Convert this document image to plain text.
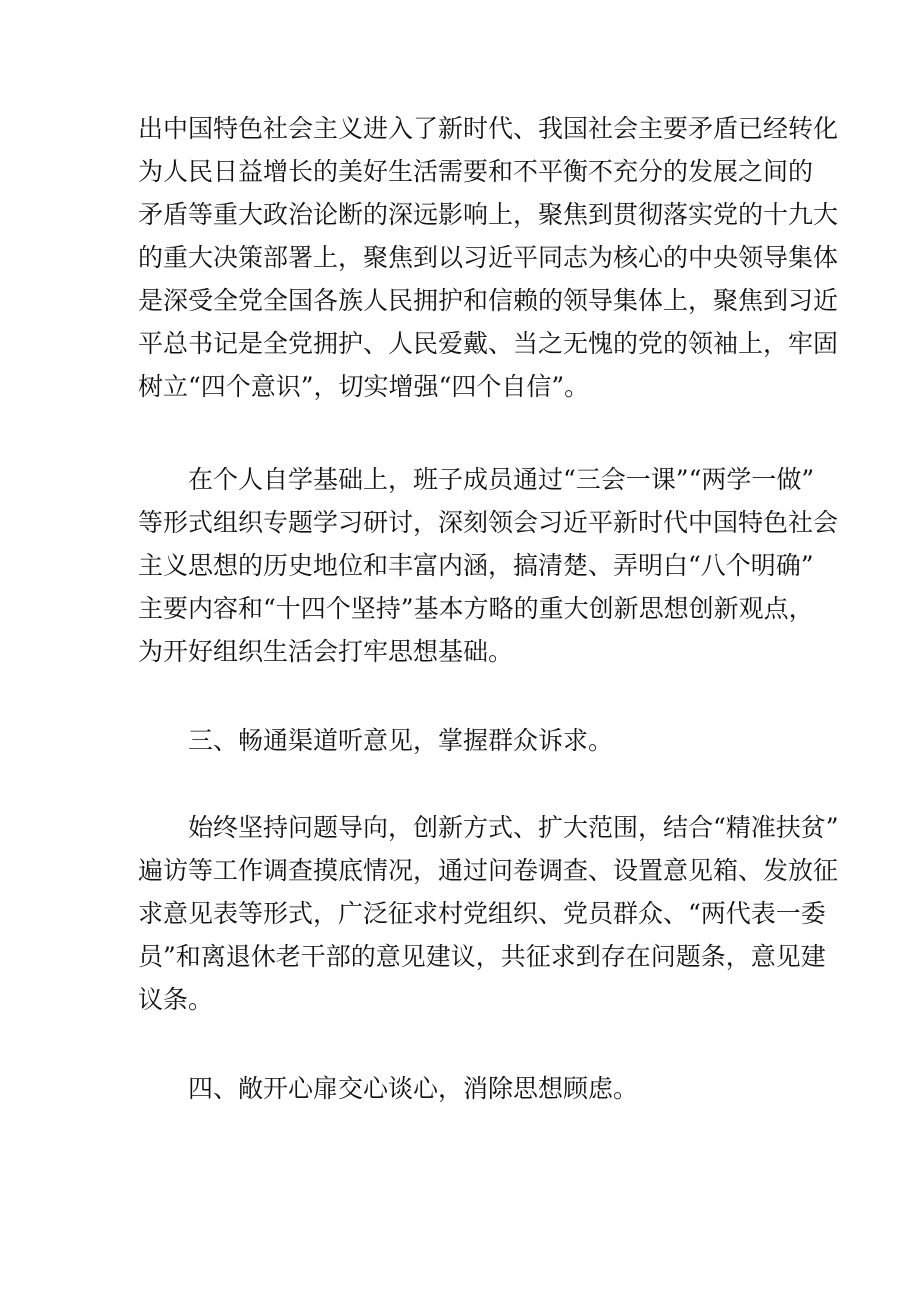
出中国特色社会主义进入了新时代、我国社会主要矛盾已经转化
为人民日益增长的美好生活需要和不平衡不充分的发展之间的
矛盾等重大政治论断的深远影响上，聚焦到贯彻落实党的十九大
的重大决策部署上，聚焦到以习近平同志为核心的中央领导集体
是深受全党全国各族人民拥护和信赖的领导集体上，聚焦到习近
平总书记是全党拥护、人民爱戴、当之无愧的党的领袖上，牢固
树立“四个意识”，切实增强“四个自信”。
在个人自学基础上，班子成员通过“三会一课”“两学一做”
等形式组织专题学习研讨，深刻领会习近平新时代中国特色社会
主义思想的历史地位和丰富内涵，搞清楚、弄明白“八个明确”
主要内容和“十四个坚持”基本方略的重大创新思想创新观点，
为开好组织生活会打牢思想基础。
三、畅通渠道听意见，掌握群众诉求。
始终坚持问题导向，创新方式、扩大范围，结合“精准扶贫”
遍访等工作调查摸底情况，通过问卷调查、设置意见箱、发放征
求意见表等形式，广泛征求村党组织、党员群众、“两代表一委
员”和离退休老干部的意见建议，共征求到存在问题条，意见建
议条。
四、敞开心扉交心谈心，消除思想顾虑。
